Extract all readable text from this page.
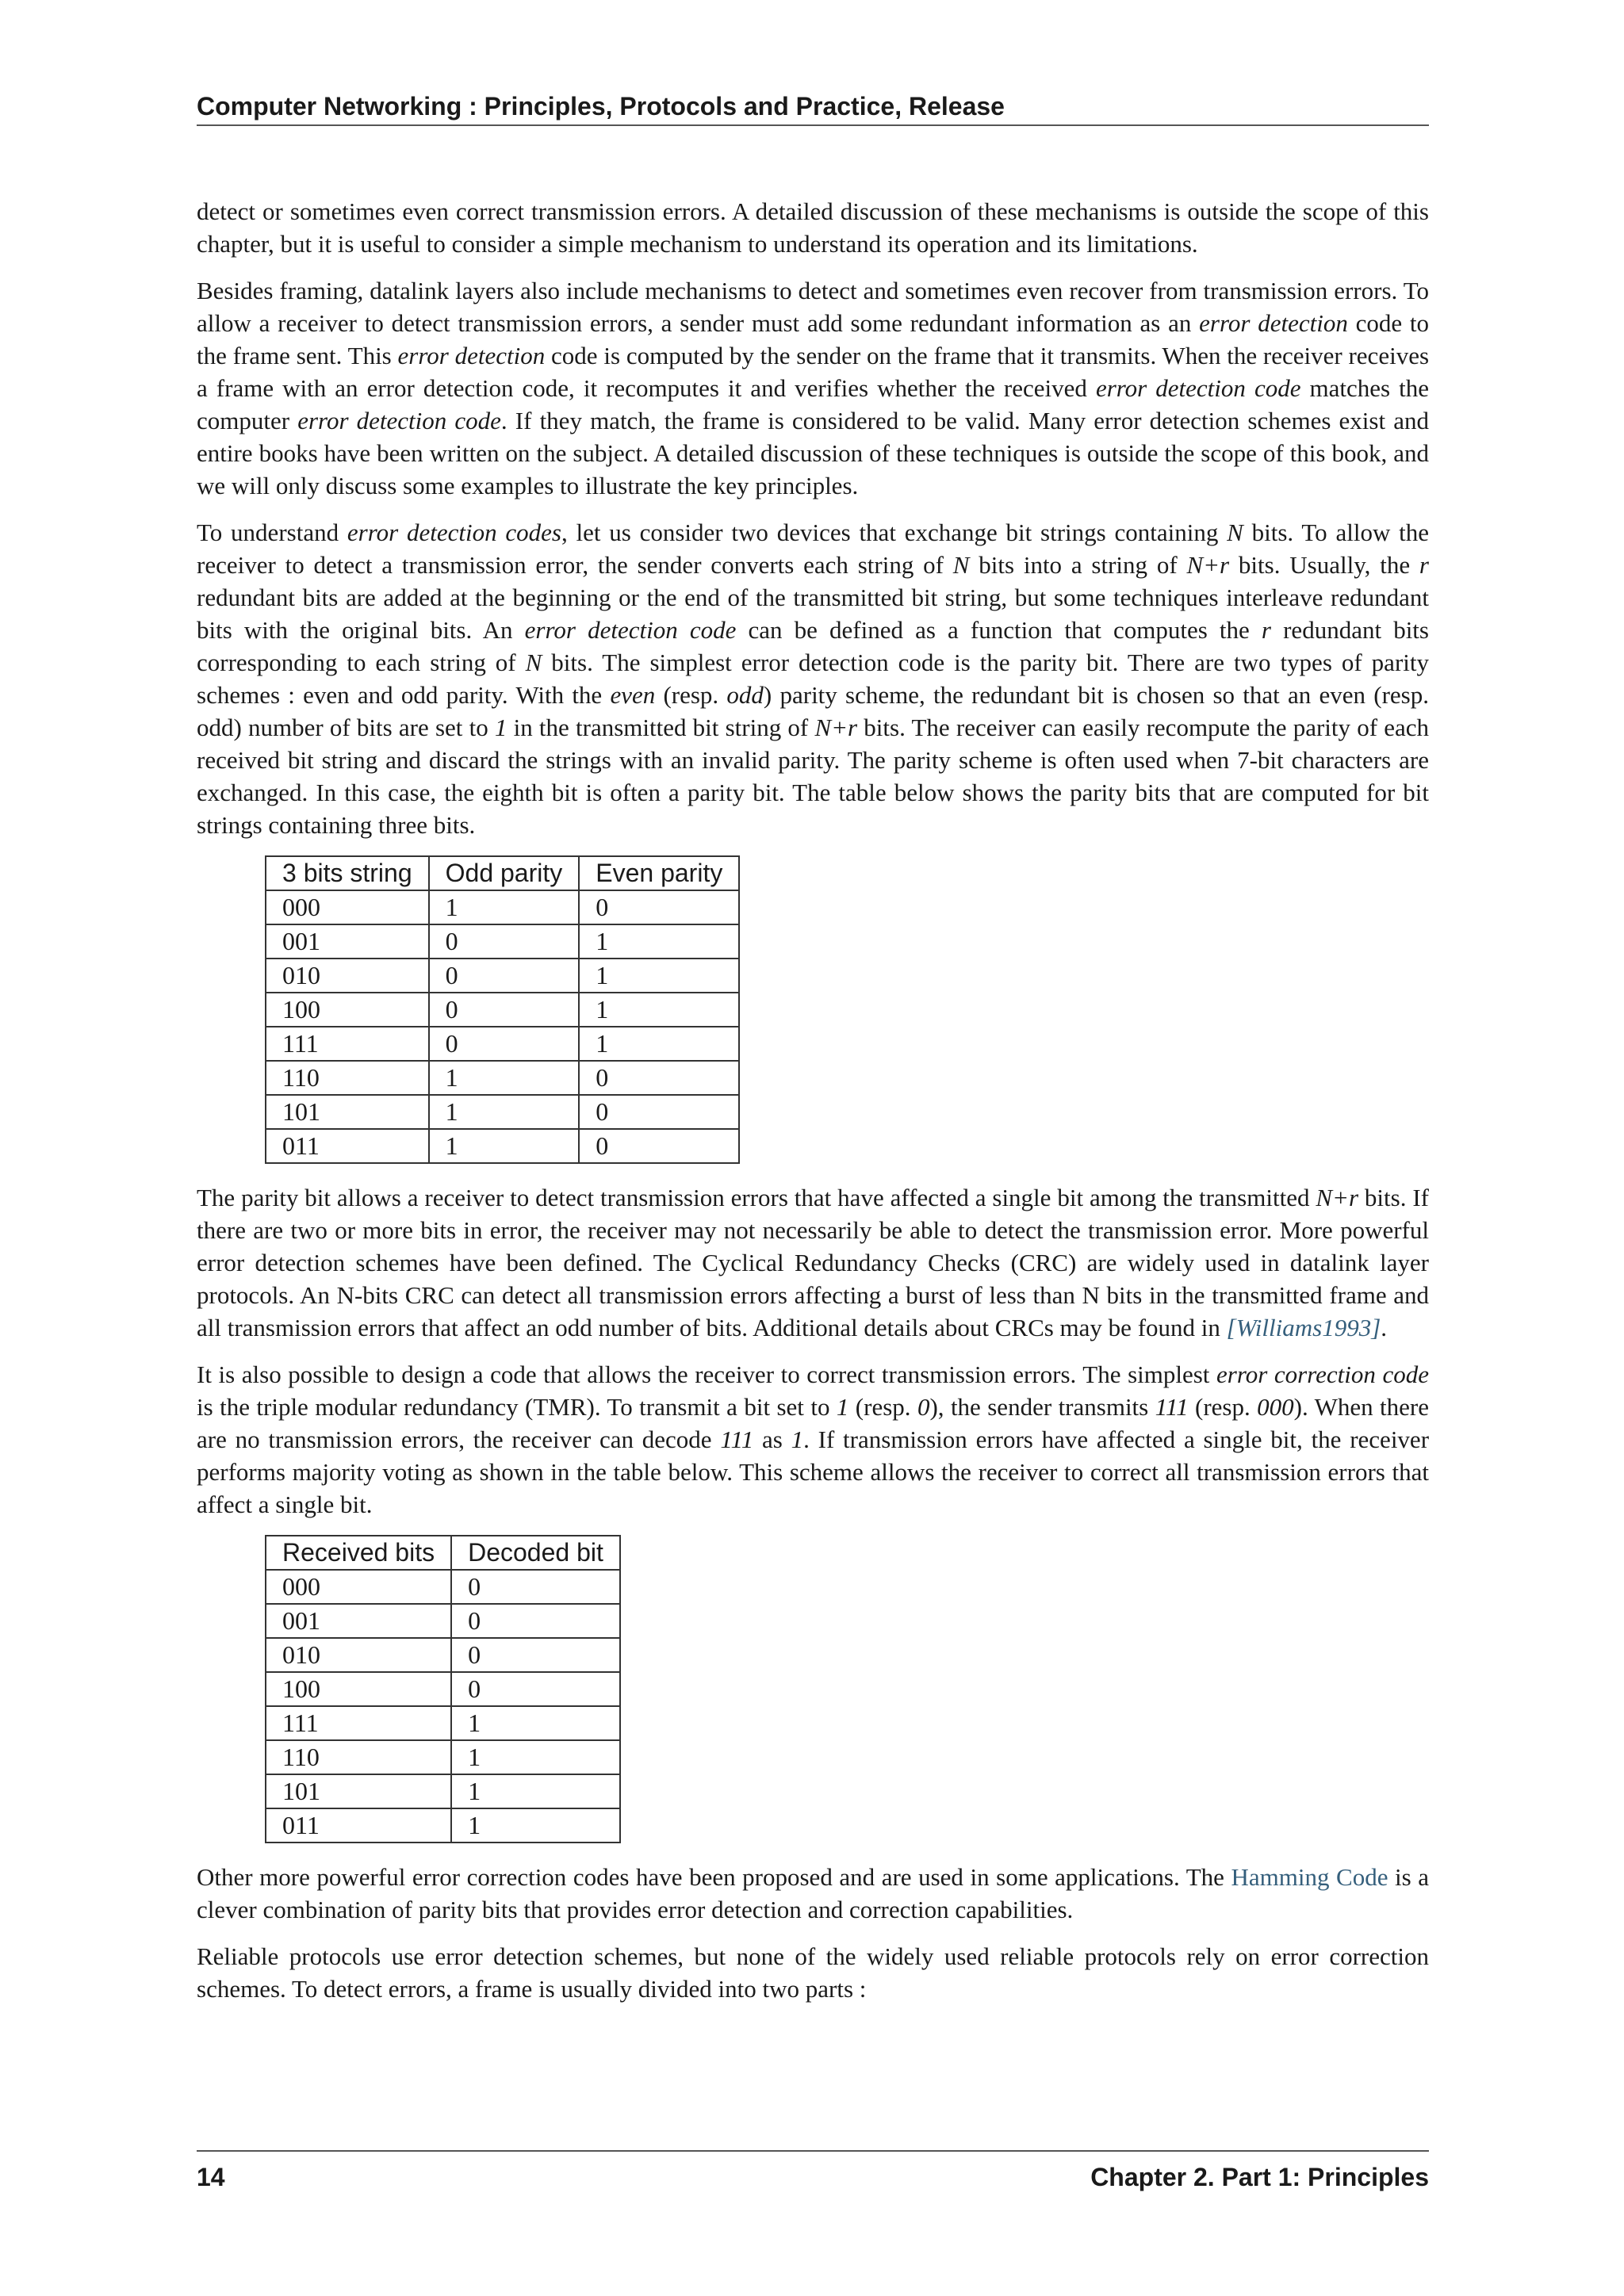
Computer Networking : Principles, Protocols and Practice, Release

detect or sometimes even correct transmission errors. A detailed discussion of these mechanisms is outside the scope of this chapter, but it is useful to consider a simple mechanism to understand its operation and its limitations.

Besides framing, datalink layers also include mechanisms to detect and sometimes even recover from transmission errors. To allow a receiver to detect transmission errors, a sender must add some redundant information as an error detection code to the frame sent. This error detection code is computed by the sender on the frame that it transmits. When the receiver receives a frame with an error detection code, it recomputes it and verifies whether the received error detection code matches the computer error detection code. If they match, the frame is considered to be valid. Many error detection schemes exist and entire books have been written on the subject. A detailed discussion of these techniques is outside the scope of this book, and we will only discuss some examples to illustrate the key principles.

To understand error detection codes, let us consider two devices that exchange bit strings containing N bits. To allow the receiver to detect a transmission error, the sender converts each string of N bits into a string of N+r bits. Usually, the r redundant bits are added at the beginning or the end of the transmitted bit string, but some techniques interleave redundant bits with the original bits. An error detection code can be defined as a function that computes the r redundant bits corresponding to each string of N bits. The simplest error detection code is the parity bit. There are two types of parity schemes : even and odd parity. With the even (resp. odd) parity scheme, the redundant bit is chosen so that an even (resp. odd) number of bits are set to 1 in the transmitted bit string of N+r bits. The receiver can easily recompute the parity of each received bit string and discard the strings with an invalid parity. The parity scheme is often used when 7-bit characters are exchanged. In this case, the eighth bit is often a parity bit. The table below shows the parity bits that are computed for bit strings containing three bits.

3 bits string	Odd parity	Even parity
000	1	0
001	0	1
010	0	1
100	0	1
111	0	1
110	1	0
101	1	0
011	1	0

The parity bit allows a receiver to detect transmission errors that have affected a single bit among the transmitted N+r bits. If there are two or more bits in error, the receiver may not necessarily be able to detect the transmission error. More powerful error detection schemes have been defined. The Cyclical Redundancy Checks (CRC) are widely used in datalink layer protocols. An N-bits CRC can detect all transmission errors affecting a burst of less than N bits in the transmitted frame and all transmission errors that affect an odd number of bits. Additional details about CRCs may be found in [Williams1993].

It is also possible to design a code that allows the receiver to correct transmission errors. The simplest error correction code is the triple modular redundancy (TMR). To transmit a bit set to 1 (resp. 0), the sender transmits 111 (resp. 000). When there are no transmission errors, the receiver can decode 111 as 1. If transmission errors have affected a single bit, the receiver performs majority voting as shown in the table below. This scheme allows the receiver to correct all transmission errors that affect a single bit.

Received bits	Decoded bit
000	0
001	0
010	0
100	0
111	1
110	1
101	1
011	1

Other more powerful error correction codes have been proposed and are used in some applications. The Hamming Code is a clever combination of parity bits that provides error detection and correction capabilities.

Reliable protocols use error detection schemes, but none of the widely used reliable protocols rely on error correction schemes. To detect errors, a frame is usually divided into two parts :

14	Chapter 2. Part 1: Principles
